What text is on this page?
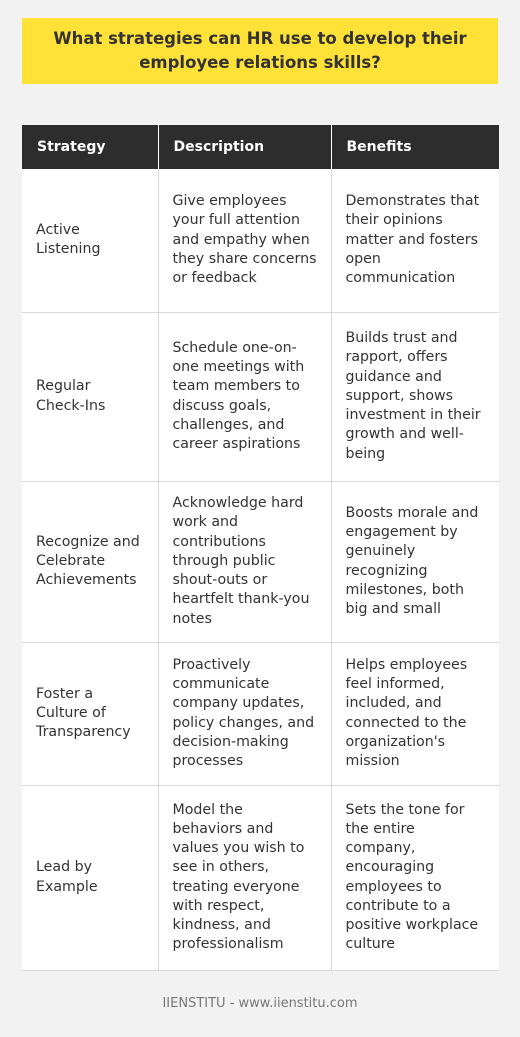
What strategies can HR use to develop their employee relations skills?
Strategy	Description	Benefits
Active Listening	Give employees your full attention and empathy when they share concerns or feedback	Demonstrates that their opinions matter and fosters open communication
Regular Check-Ins	Schedule one-on-one meetings with team members to discuss goals, challenges, and career aspirations	Builds trust and rapport, offers guidance and support, shows investment in their growth and well-being
Recognize and Celebrate Achievements	Acknowledge hard work and contributions through public shout-outs or heartfelt thank-you notes	Boosts morale and engagement by genuinely recognizing milestones, both big and small
Foster a Culture of Transparency	Proactively communicate company updates, policy changes, and decision-making processes	Helps employees feel informed, included, and connected to the organization's mission
Lead by Example	Model the behaviors and values you wish to see in others, treating everyone with respect, kindness, and professionalism	Sets the tone for the entire company, encouraging employees to contribute to a positive workplace culture
IIENSTITU - www.iienstitu.com
